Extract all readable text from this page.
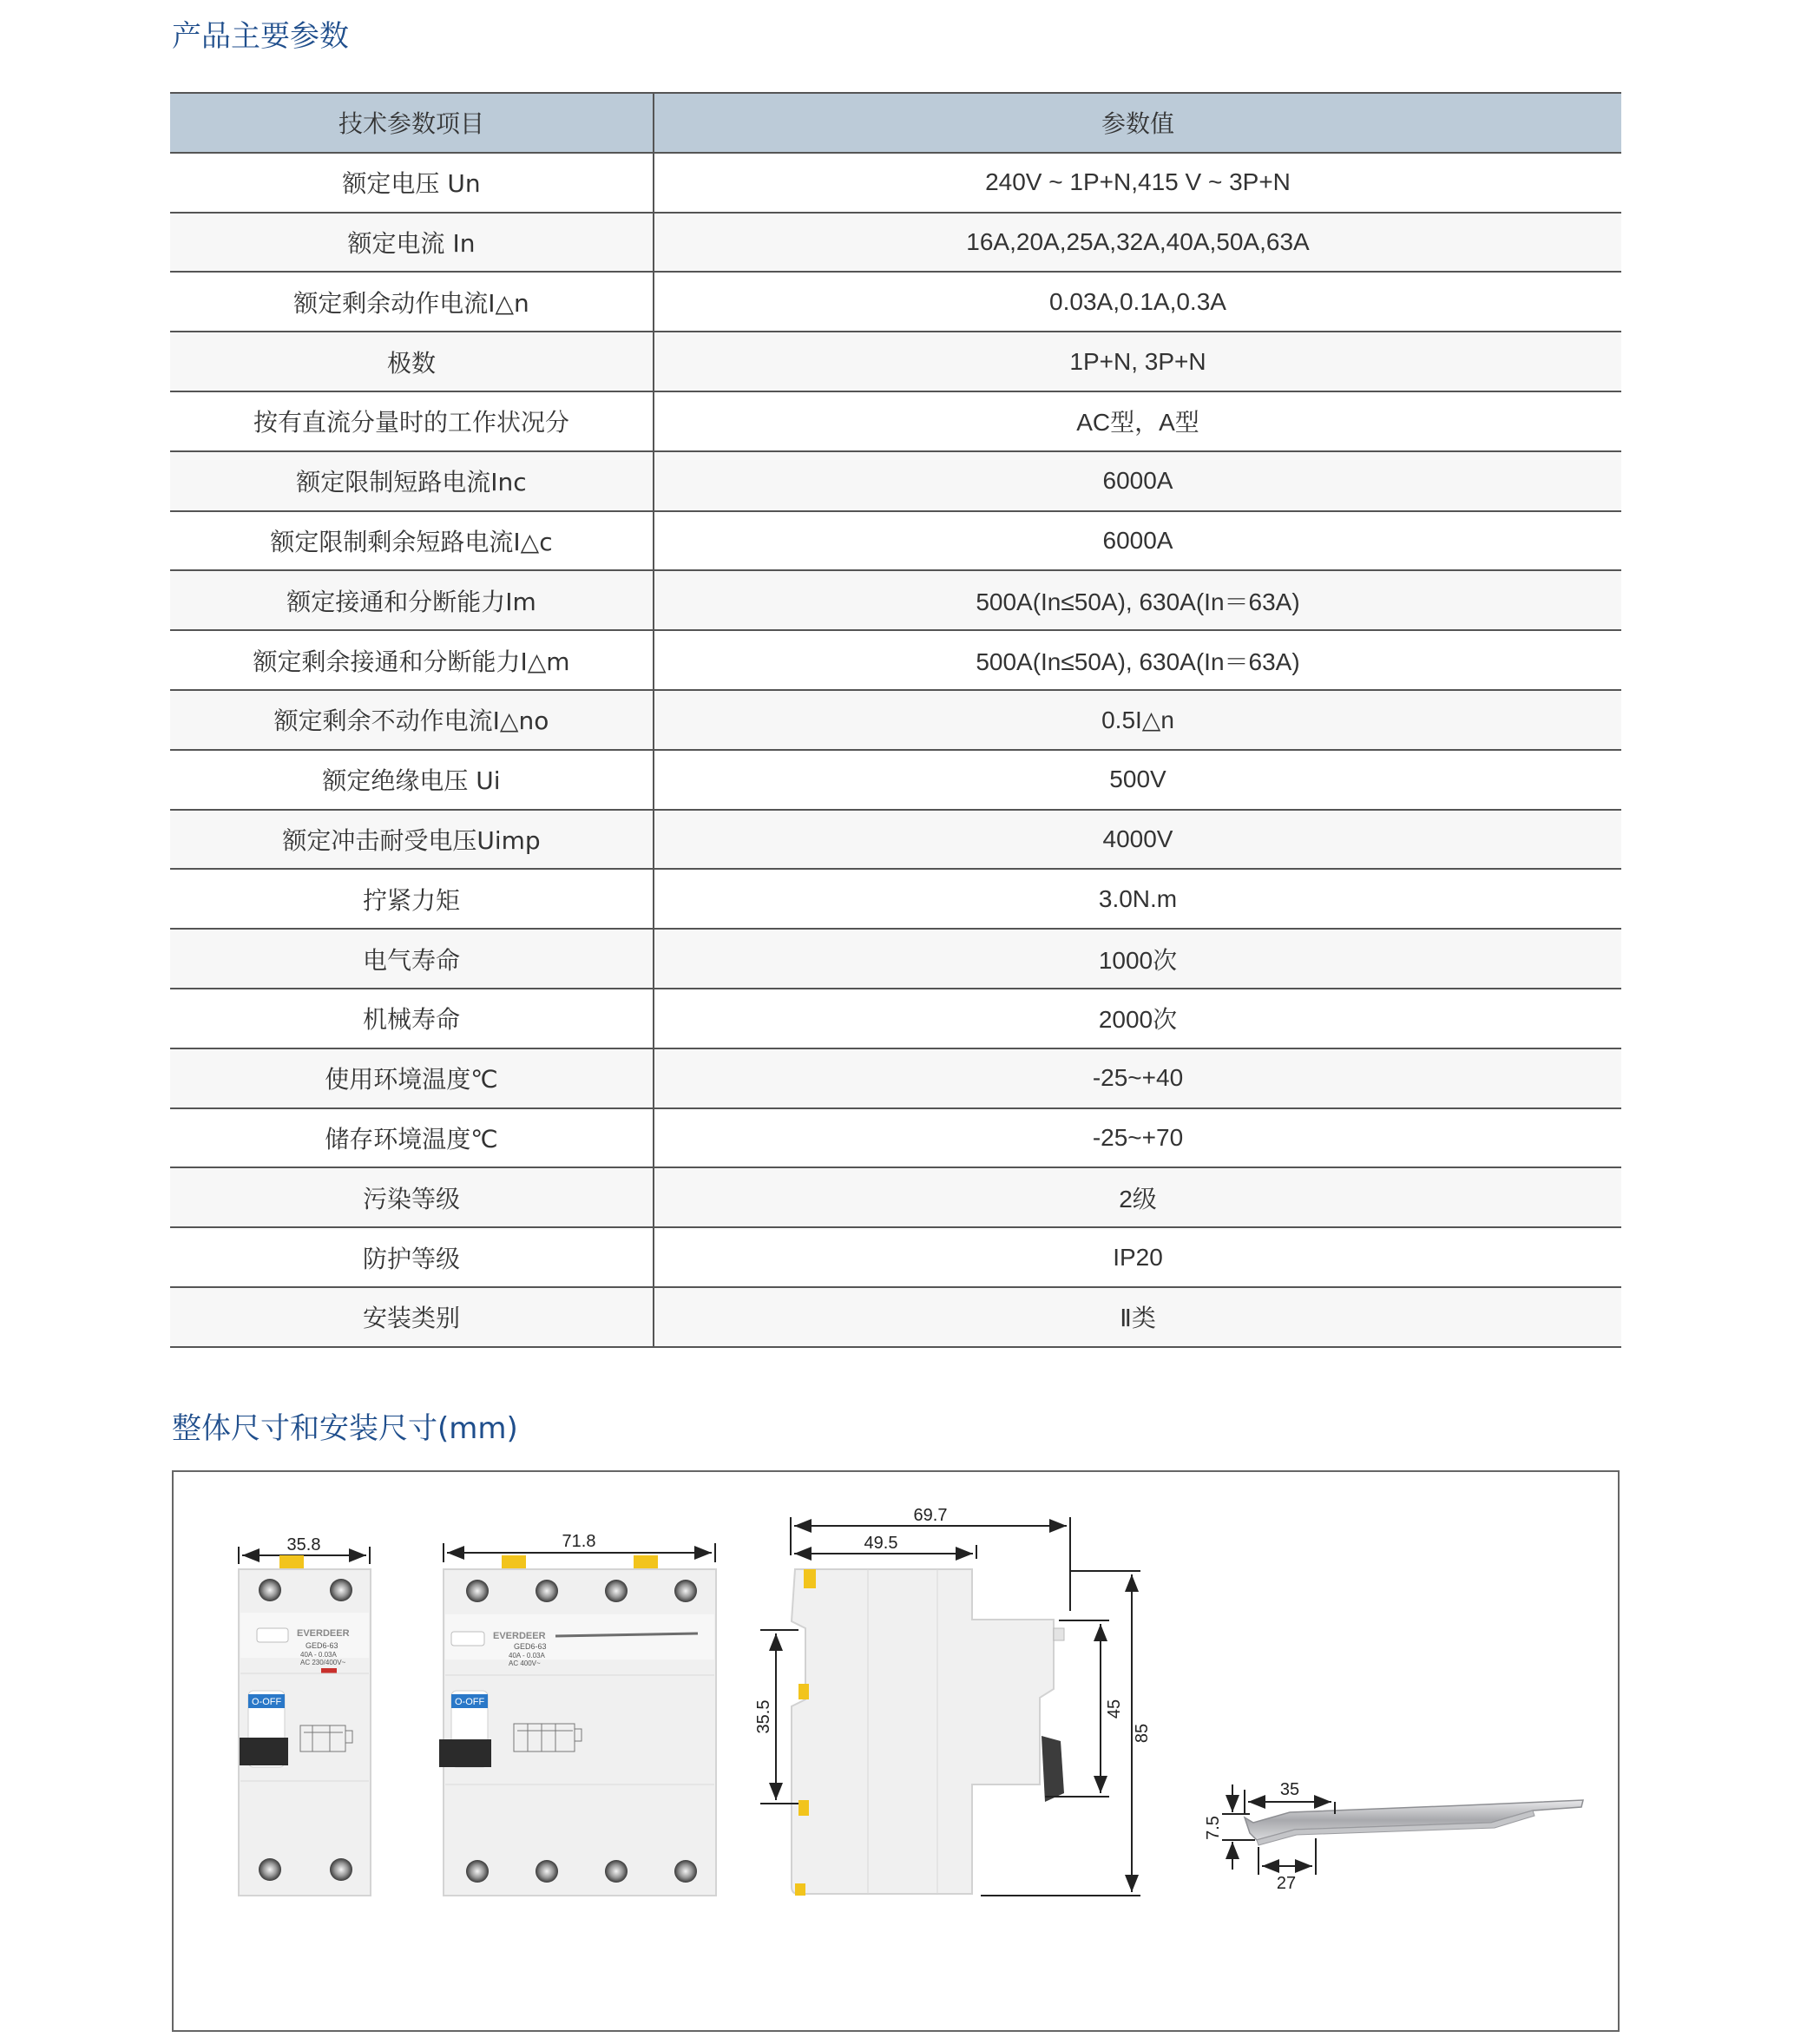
产品主要参数
技术参数项目	参数值
额定电压 Un	240V ~ 1P+N,415 V ~ 3P+N
额定电流 In	16A,20A,25A,32A,40A,50A,63A
额定剩余动作电流I△n	0.03A,0.1A,0.3A
极数	1P+N, 3P+N
按有直流分量时的工作状况分	AC型，A型
额定限制短路电流Inc	6000A
额定限制剩余短路电流I△c	6000A
额定接通和分断能力Im	500A(In≤50A), 630A(In＝63A)
额定剩余接通和分断能力I△m	500A(In≤50A), 630A(In＝63A)
额定剩余不动作电流I△no	0.5I△n
额定绝缘电压 Ui	500V
额定冲击耐受电压Uimp	4000V
拧紧力矩	3.0N.m
电气寿命	1000次
机械寿命	2000次
使用环境温度℃	-25~+40
储存环境温度℃	-25~+70
污染等级	2级
防护等级	IP20
安装类别	Ⅱ类
整体尺寸和安装尺寸(mm)
35.8
EVERDEER
GED6-63
40A - 0.03A
AC 230/400V~
O-OFF
71.8
EVERDEER
GED6-63
40A - 0.03A
AC 400V~
O-OFF
69.7
49.5
35.5	45
85
35
27
7.5
